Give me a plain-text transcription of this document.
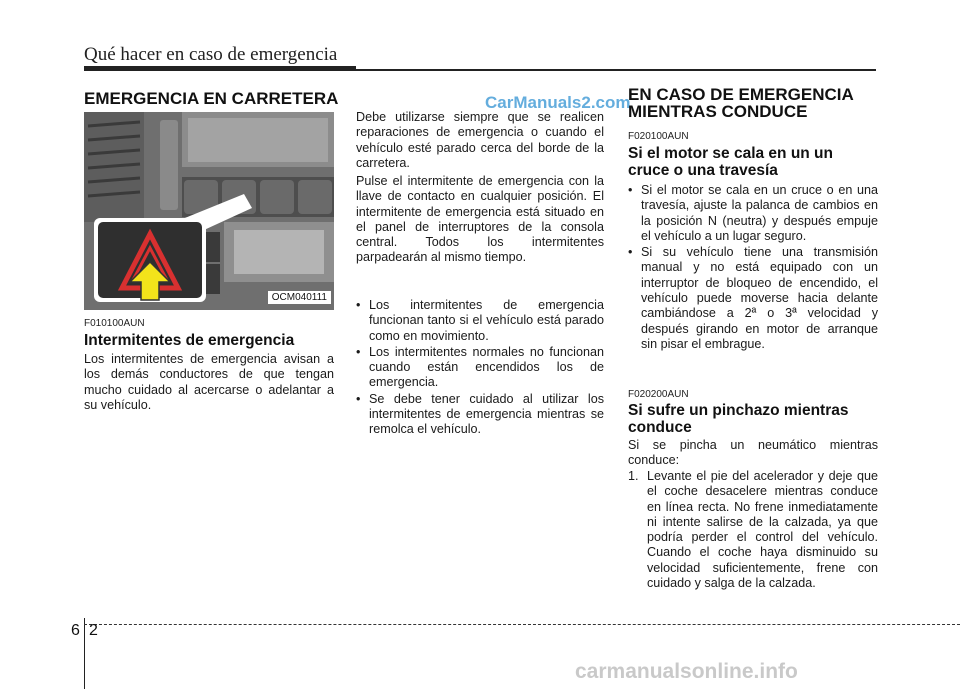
Qué hacer en caso de emergencia
CarManuals2.com
EMERGENCIA EN CARRETERA
OCM040111
F010100AUN
Intermitentes de emergencia
Los intermitentes de emergencia avisan a los demás conductores de que tengan mucho cuidado al acercarse o adelantar a su vehículo.
Debe utilizarse siempre que se realicen reparaciones de emergencia o cuando el vehículo esté parado cerca del borde de la carretera.
Pulse el intermitente de emergencia con la llave de contacto en cualquier posición. El intermitente de emergencia está situado en el panel de interruptores de la consola central. Todos los intermitentes parpadearán al mismo tiempo.
• Los intermitentes de emergencia funcionan tanto si el vehículo está parado como en movimiento.
• Los intermitentes normales no funcionan cuando están encendidos los de emergencia.
• Se debe tener cuidado al utilizar los intermitentes de emergencia mientras se remolca el vehículo.
EN CASO DE EMERGENCIA
MIENTRAS CONDUCE
F020100AUN
Si el motor se cala en un un
cruce o una travesía
• Si el motor se cala en un cruce o en una travesía, ajuste la palanca de cambios en la posición N (neutra) y después empuje el vehículo a un lugar seguro.
• Si su vehículo tiene una transmisión manual y no está equipado con un interruptor de bloqueo de encendido, el vehículo puede moverse hacia delante cambiándose a 2ª o 3ª velocidad y después girando en motor de arranque sin pisar el embrague.
F020200AUN
Si sufre un pinchazo mientras
conduce
Si se pincha un neumático mientras conduce:
1. Levante el pie del acelerador y deje que el coche desacelere mientras conduce en línea recta. No frene inmediatamente ni intente salirse de la calzada, ya que podría perder el control del vehículo. Cuando el coche haya disminuido su velocidad suficientemente, frene con cuidado y salga de la calzada.
6 2
carmanualsonline.info
